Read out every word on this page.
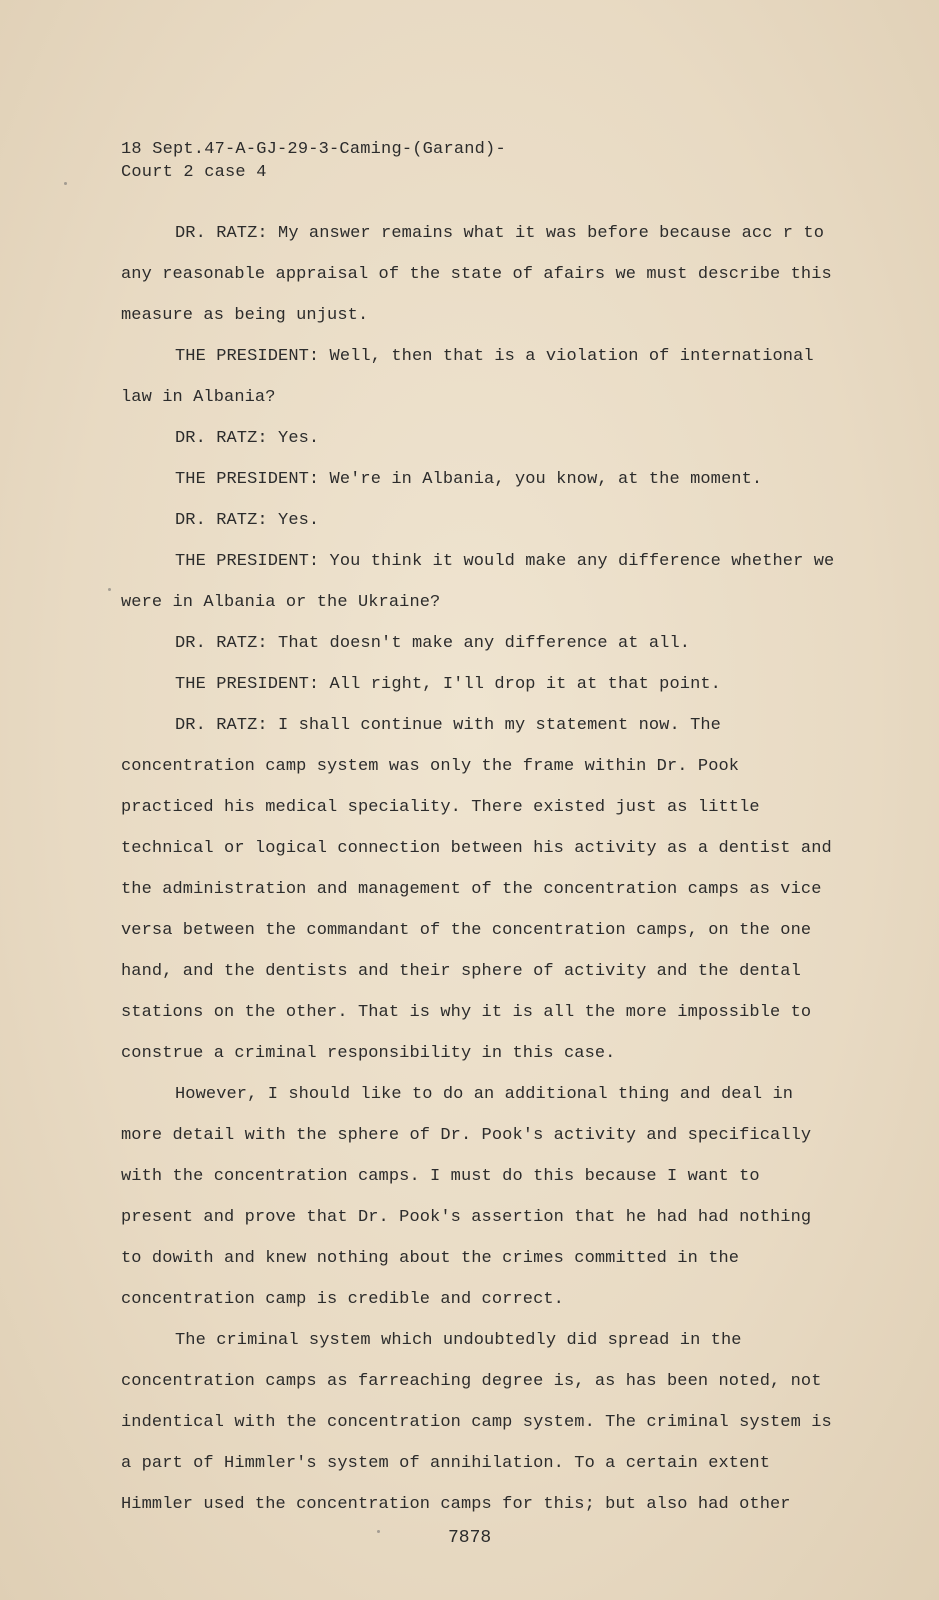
18 Sept.47-A-GJ-29-3-Caming-(Garand)-
Court 2 case 4

DR. RATZ: My answer remains what it was before because acc r to any reasonable appraisal of the state of afairs we must describe this measure as being unjust.

THE PRESIDENT: Well, then that is a violation of international law in Albania?

DR. RATZ: Yes.

THE PRESIDENT: We're in Albania, you know, at the moment.

DR. RATZ: Yes.

THE PRESIDENT: You think it would make any difference whether we were in Albania or the Ukraine?

DR. RATZ: That doesn't make any difference at all.

THE PRESIDENT: All right, I'll drop it at that point.

DR. RATZ: I shall continue with my statement now. The concentration camp system was only the frame within Dr. Pook practiced his medical speciality. There existed just as little technical or logical connection between his activity as a dentist and the administration and management of the concentration camps as vice versa between the commandant of the concentration camps, on the one hand, and the dentists and their sphere of activity and the dental stations on the other. That is why it is all the more impossible to construe a criminal responsibility in this case.

However, I should like to do an additional thing and deal in more detail with the sphere of Dr. Pook's activity and specifically with the concentration camps. I must do this because I want to present and prove that Dr. Pook's assertion that he had had nothing to dowith and knew nothing about the crimes committed in the concentration camp is credible and correct.

The criminal system which undoubtedly did spread in the concentration camps as farreaching degree is, as has been noted, not indentical with the concentration camp system. The criminal system is a part of Himmler's system of annihilation. To a certain extent Himmler used the concentration camps for this; but also had other

7878
